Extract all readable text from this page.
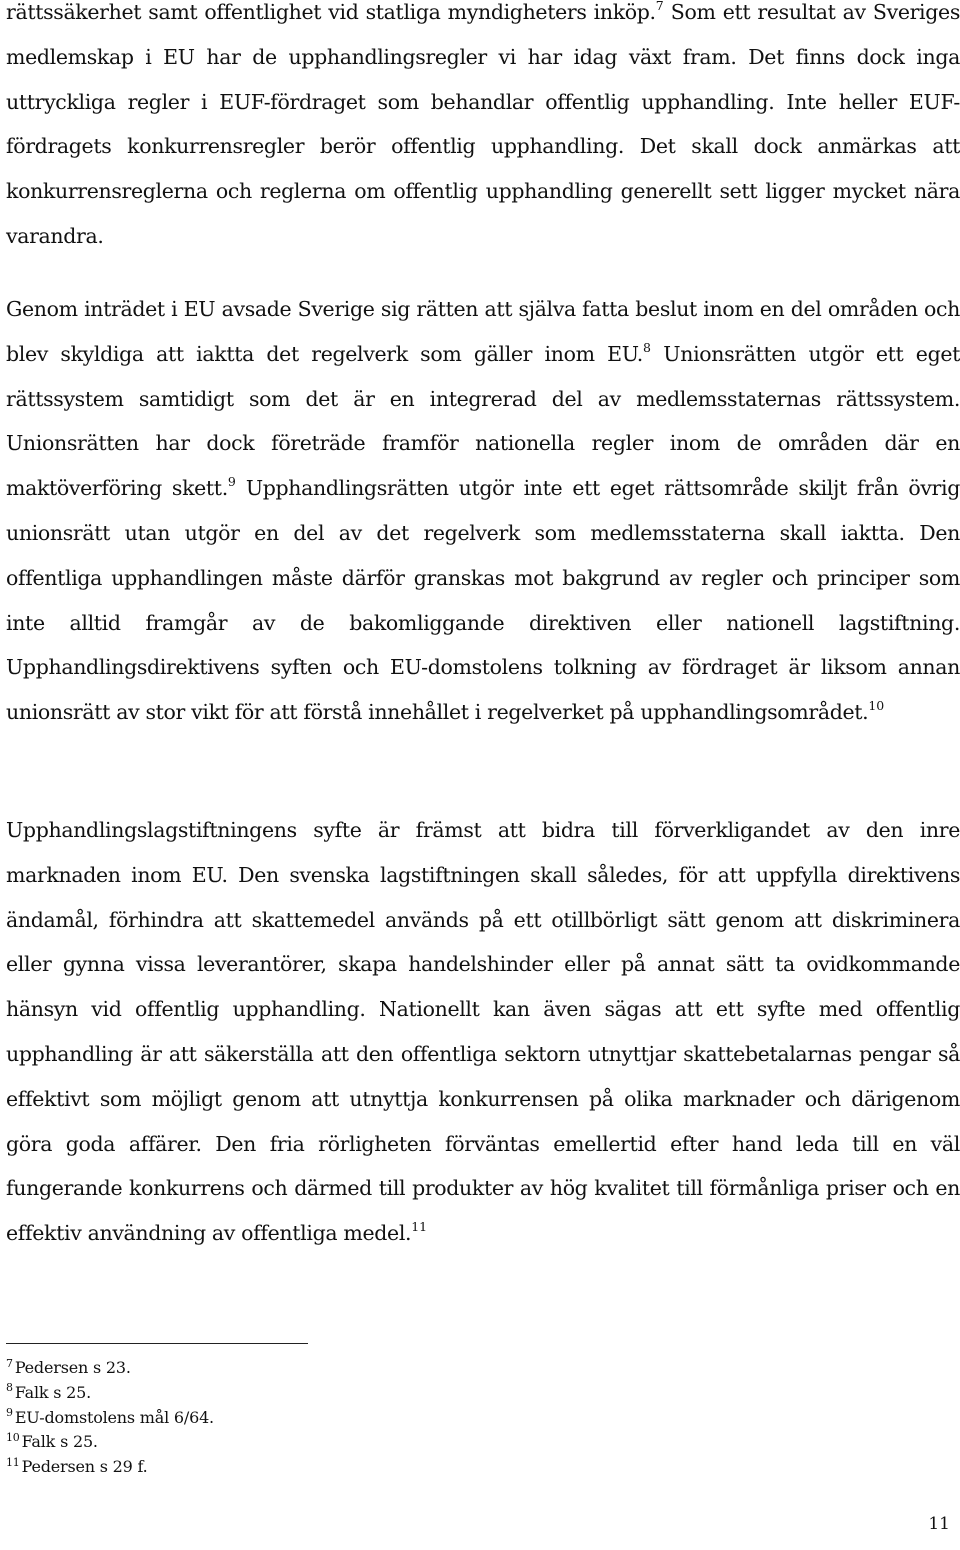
rättssäkerhet samt offentlighet vid statliga myndigheters inköp.$^7$ Som ett resultat av Sveriges medlemskap i EU har de upphandlingsregler vi har idag växt fram. Det finns dock inga uttryckliga regler i EUF-fördraget som behandlar offentlig upphandling. Inte heller EUF-fördragets konkurrensregler berör offentlig upphandling. Det skall dock anmärkas att konkurrensreglerna och reglerna om offentlig upphandling generellt sett ligger mycket nära varandra.

Genom inträdet i EU avsade Sverige sig rätten att själva fatta beslut inom en del områden och blev skyldiga att iaktta det regelverk som gäller inom EU.$^8$ Unionsrätten utgör ett eget rättssystem samtidigt som det är en integrerad del av medlemsstaternas rättssystem. Unionsrätten har dock företräde framför nationella regler inom de områden där en maktöverföring skett.$^9$ Upphandlingsrätten utgör inte ett eget rättsområde skiljt från övrig unionsrätt utan utgör en del av det regelverk som medlemsstaterna skall iaktta. Den offentliga upphandlingen måste därför granskas mot bakgrund av regler och principer som inte alltid framgår av de bakomliggande direktiven eller nationell lagstiftning. Upphandlingsdirektivens syften och EU-domstolens tolkning av fördraget är liksom annan unionsrätt av stor vikt för att förstå innehållet i regelverket på upphandlingsområdet.$^{10}$

Upphandlingslagstiftningens syfte är främst att bidra till förverkligandet av den inre marknaden inom EU. Den svenska lagstiftningen skall således, för att uppfylla direktivens ändamål, förhindra att skattemedel används på ett otillbörligt sätt genom att diskriminera eller gynna vissa leverantörer, skapa handelshinder eller på annat sätt ta ovidkommande hänsyn vid offentlig upphandling. Nationellt kan även sägas att ett syfte med offentlig upphandling är att säkerställa att den offentliga sektorn utnyttjar skattebetalarnas pengar så effektivt som möjligt genom att utnyttja konkurrensen på olika marknader och därigenom göra goda affärer. Den fria rörligheten förväntas emellertid efter hand leda till en väl fungerande konkurrens och därmed till produkter av hög kvalitet till förmånliga priser och en effektiv användning av offentliga medel.$^{11}$

$^7$ Pedersen s 23.
$^8$ Falk s 25.
$^9$ EU-domstolens mål 6/64.
$^{10}$ Falk s 25.
$^{11}$ Pedersen s 29 f.
11
